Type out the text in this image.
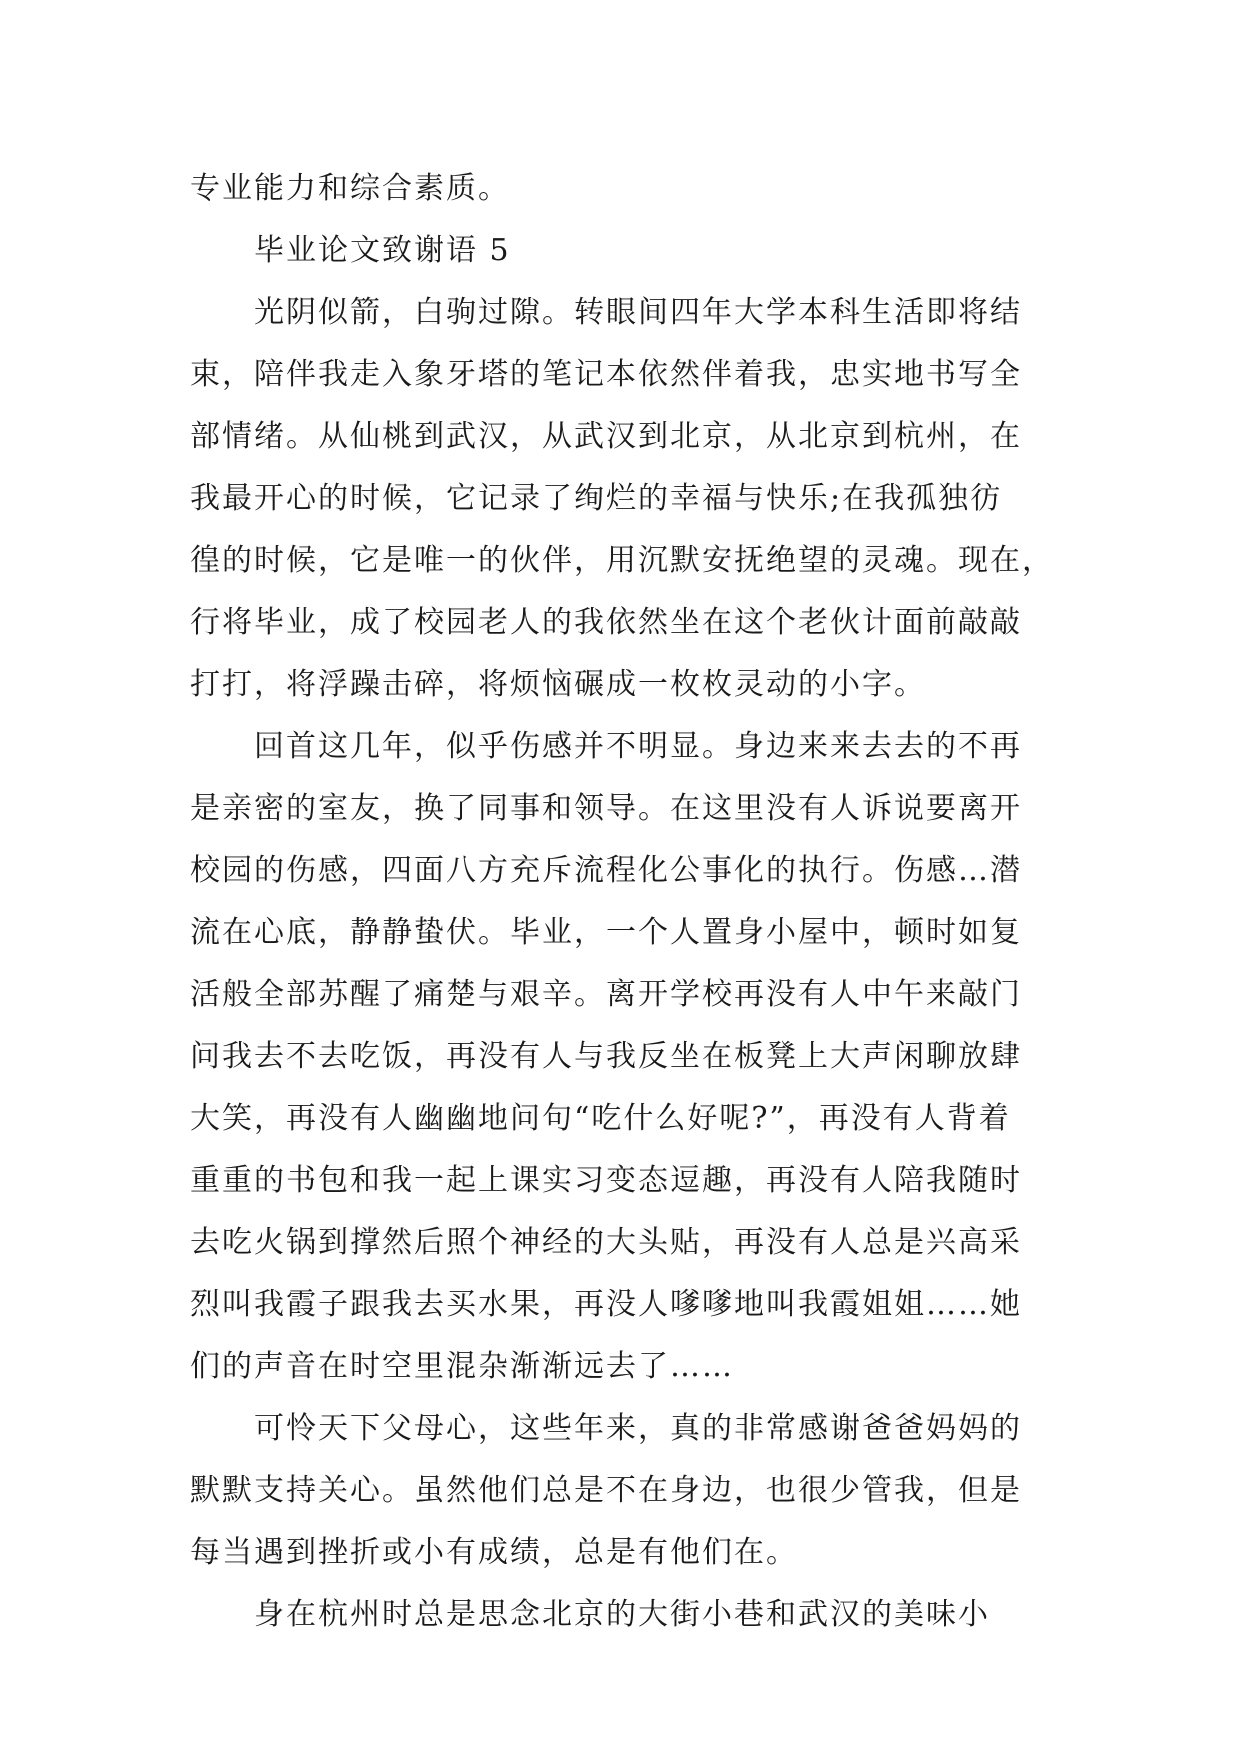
专业能力和综合素质。
毕业论文致谢语 5
光阴似箭，白驹过隙。转眼间四年大学本科生活即将结
束，陪伴我走入象牙塔的笔记本依然伴着我，忠实地书写全
部情绪。从仙桃到武汉，从武汉到北京，从北京到杭州，在
我最开心的时候，它记录了绚烂的幸福与快乐;在我孤独彷
徨的时候，它是唯一的伙伴，用沉默安抚绝望的灵魂。现在，
行将毕业，成了校园老人的我依然坐在这个老伙计面前敲敲
打打，将浮躁击碎，将烦恼碾成一枚枚灵动的小字。
回首这几年，似乎伤感并不明显。身边来来去去的不再
是亲密的室友，换了同事和领导。在这里没有人诉说要离开
校园的伤感，四面八方充斥流程化公事化的执行。伤感…潜
流在心底，静静蛰伏。毕业，一个人置身小屋中，顿时如复
活般全部苏醒了痛楚与艰辛。离开学校再没有人中午来敲门
问我去不去吃饭，再没有人与我反坐在板凳上大声闲聊放肆
大笑，再没有人幽幽地问句“吃什么好呢?”，再没有人背着
重重的书包和我一起上课实习变态逗趣，再没有人陪我随时
去吃火锅到撑然后照个神经的大头贴，再没有人总是兴高采
烈叫我霞子跟我去买水果，再没人嗲嗲地叫我霞姐姐……她
们的声音在时空里混杂渐渐远去了……
可怜天下父母心，这些年来，真的非常感谢爸爸妈妈的
默默支持关心。虽然他们总是不在身边，也很少管我，但是
每当遇到挫折或小有成绩，总是有他们在。
身在杭州时总是思念北京的大街小巷和武汉的美味小
